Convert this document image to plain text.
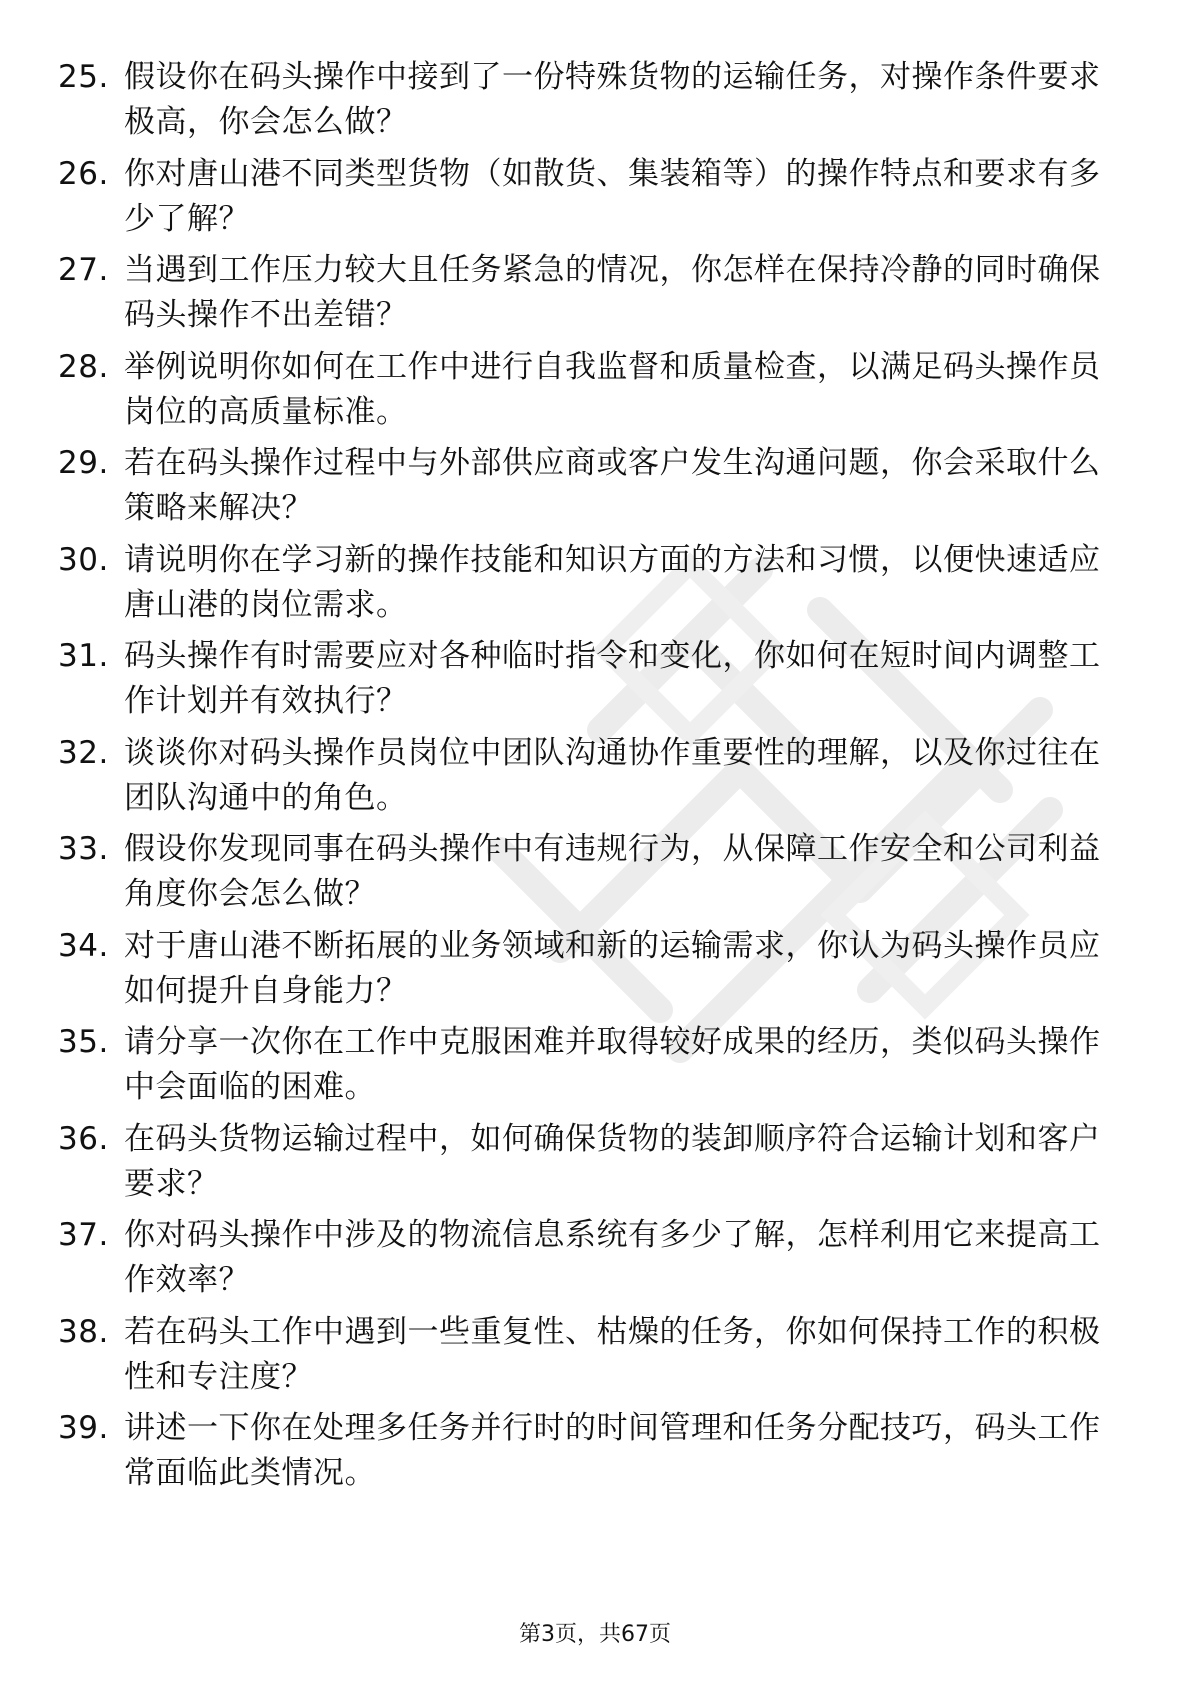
25. 假设你在码头操作中接到了一份特殊货物的运输任务，对操作条件要求极高，你会怎么做？
26. 你对唐山港不同类型货物（如散货、集装箱等）的操作特点和要求有多少了解？
27. 当遇到工作压力较大且任务紧急的情况，你怎样在保持冷静的同时确保码头操作不出差错？
28. 举例说明你如何在工作中进行自我监督和质量检查，以满足码头操作员岗位的高质量标准。
29. 若在码头操作过程中与外部供应商或客户发生沟通问题，你会采取什么策略来解决？
30. 请说明你在学习新的操作技能和知识方面的方法和习惯，以便快速适应唐山港的岗位需求。
31. 码头操作有时需要应对各种临时指令和变化，你如何在短时间内调整工作计划并有效执行？
32. 谈谈你对码头操作员岗位中团队沟通协作重要性的理解，以及你过往在团队沟通中的角色。
33. 假设你发现同事在码头操作中有违规行为，从保障工作安全和公司利益角度你会怎么做？
34. 对于唐山港不断拓展的业务领域和新的运输需求，你认为码头操作员应如何提升自身能力？
35. 请分享一次你在工作中克服困难并取得较好成果的经历，类似码头操作中会面临的困难。
36. 在码头货物运输过程中，如何确保货物的装卸顺序符合运输计划和客户要求？
37. 你对码头操作中涉及的物流信息系统有多少了解，怎样利用它来提高工作效率？
38. 若在码头工作中遇到一些重复性、枯燥的任务，你如何保持工作的积极性和专注度？
39. 讲述一下你在处理多任务并行时的时间管理和任务分配技巧，码头工作常面临此类情况。
第3页，共67页
